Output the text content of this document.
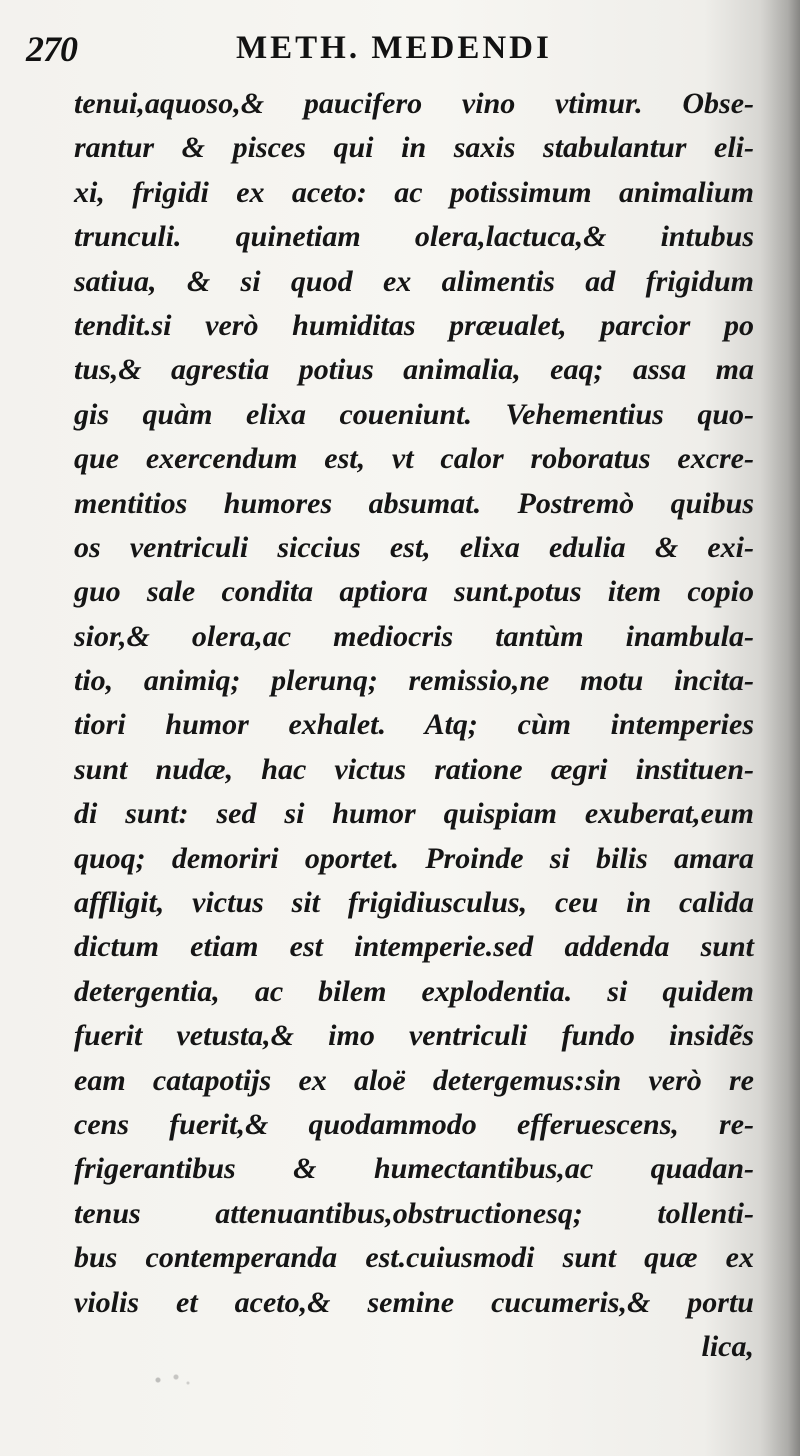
270	METH. MEDENDI
tenui,aquoso,& paucifero vino vtimur. Obse-
rantur & pisces qui in saxis stabulantur eli-
xi, frigidi ex aceto: ac potissimum animalium
trunculi. quinetiam olera,lactuca,& intubus
satiua, & si quod ex alimentis ad frigidum
tendit.si verò humiditas præualet, parcior po
tus,& agrestia potius animalia, eaq; assa ma
gis quàm elixa coueniunt. Vehementius quo-
que exercendum est, vt calor roboratus excre-
mentitios humores absumat. Postremò quibus
os ventriculi siccius est, elixa edulia & exi-
guo sale condita aptiora sunt.potus item copio
sior,& olera,ac mediocris tantùm inambula-
tio, animiq; plerunq; remissio,ne motu incita-
tiori humor exhalet. Atq; cùm intemperies
sunt nudæ, hac victus ratione ægri instituen-
di sunt: sed si humor quispiam exuberat,eum
quoq; demoriri oportet. Proinde si bilis amara
affligit, victus sit frigidiusculus, ceu in calida
dictum etiam est intemperie.sed addenda sunt
detergentia, ac bilem explodentia. si quidem
fuerit vetusta,& imo ventriculi fundo insidẽs
eam catapotijs ex aloë detergemus:sin verò re
cens fuerit,& quodammodo efferuescens, re-
frigerantibus & humectantibus,ac quadan-
tenus attenuantibus,obstructionesq; tollenti-
bus contemperanda est.cuiusmodi sunt quæ ex
violis et aceto,& semine cucumeris,& portu
lica,
